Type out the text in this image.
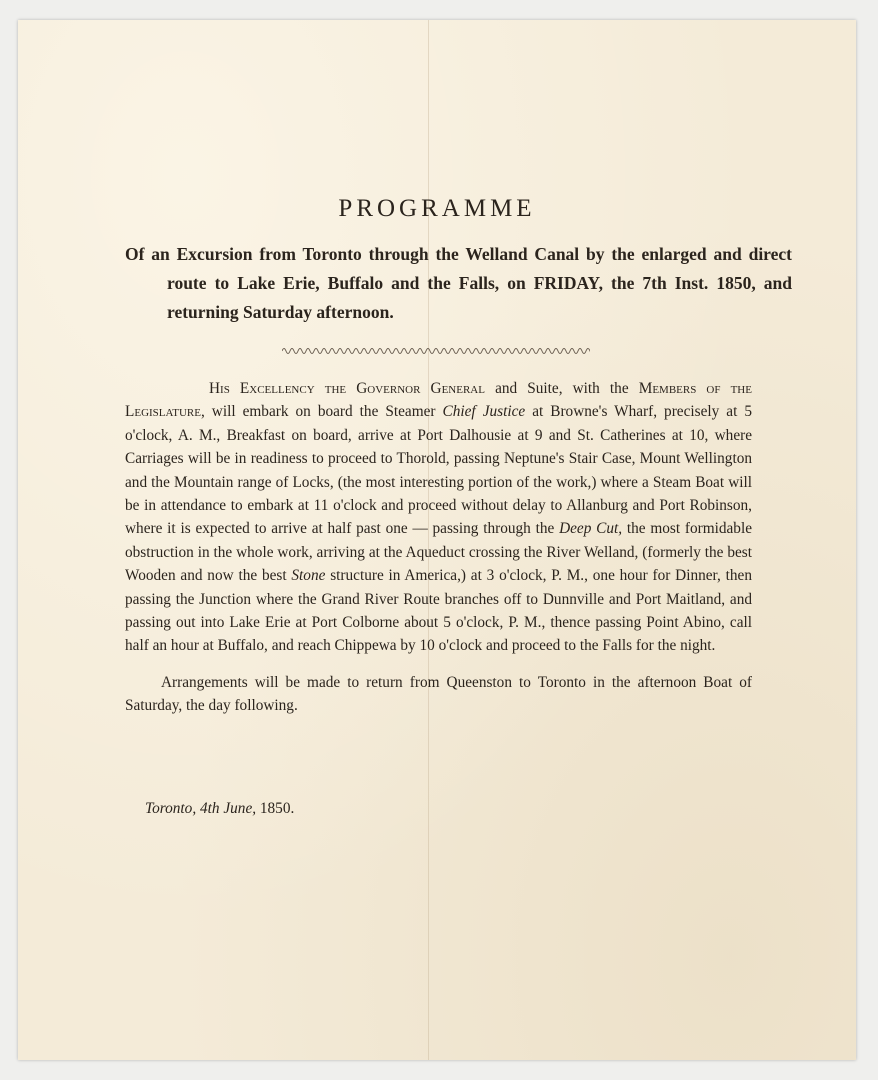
PROGRAMME
Of an Excursion from Toronto through the Welland Canal by the enlarged and direct route to Lake Erie, Buffalo and the Falls, on FRIDAY, the 7th Inst. 1850, and returning Saturday afternoon.

His Excellency the Governor General and Suite, with the Members of the Legislature, will embark on board the Steamer Chief Justice at Browne's Wharf, precisely at 5 o'clock, A. M., Breakfast on board, arrive at Port Dalhousie at 9 and St. Catherines at 10, where Carriages will be in readiness to proceed to Thorold, passing Neptune's Stair Case, Mount Wellington and the Mountain range of Locks, (the most interesting portion of the work,) where a Steam Boat will be in attendance to embark at 11 o'clock and proceed without delay to Allanburg and Port Robinson, where it is expected to arrive at half past one — passing through the Deep Cut, the most formidable obstruction in the whole work, arriving at the Aqueduct crossing the River Welland, (formerly the best Wooden and now the best Stone structure in America,) at 3 o'clock, P. M., one hour for Dinner, then passing the Junction where the Grand River Route branches off to Dunnville and Port Maitland, and passing out into Lake Erie at Port Colborne about 5 o'clock, P. M., thence passing Point Abino, call half an hour at Buffalo, and reach Chippewa by 10 o'clock and proceed to the Falls for the night.

Arrangements will be made to return from Queenston to Toronto in the afternoon Boat of Saturday, the day following.

Toronto, 4th June, 1850.
